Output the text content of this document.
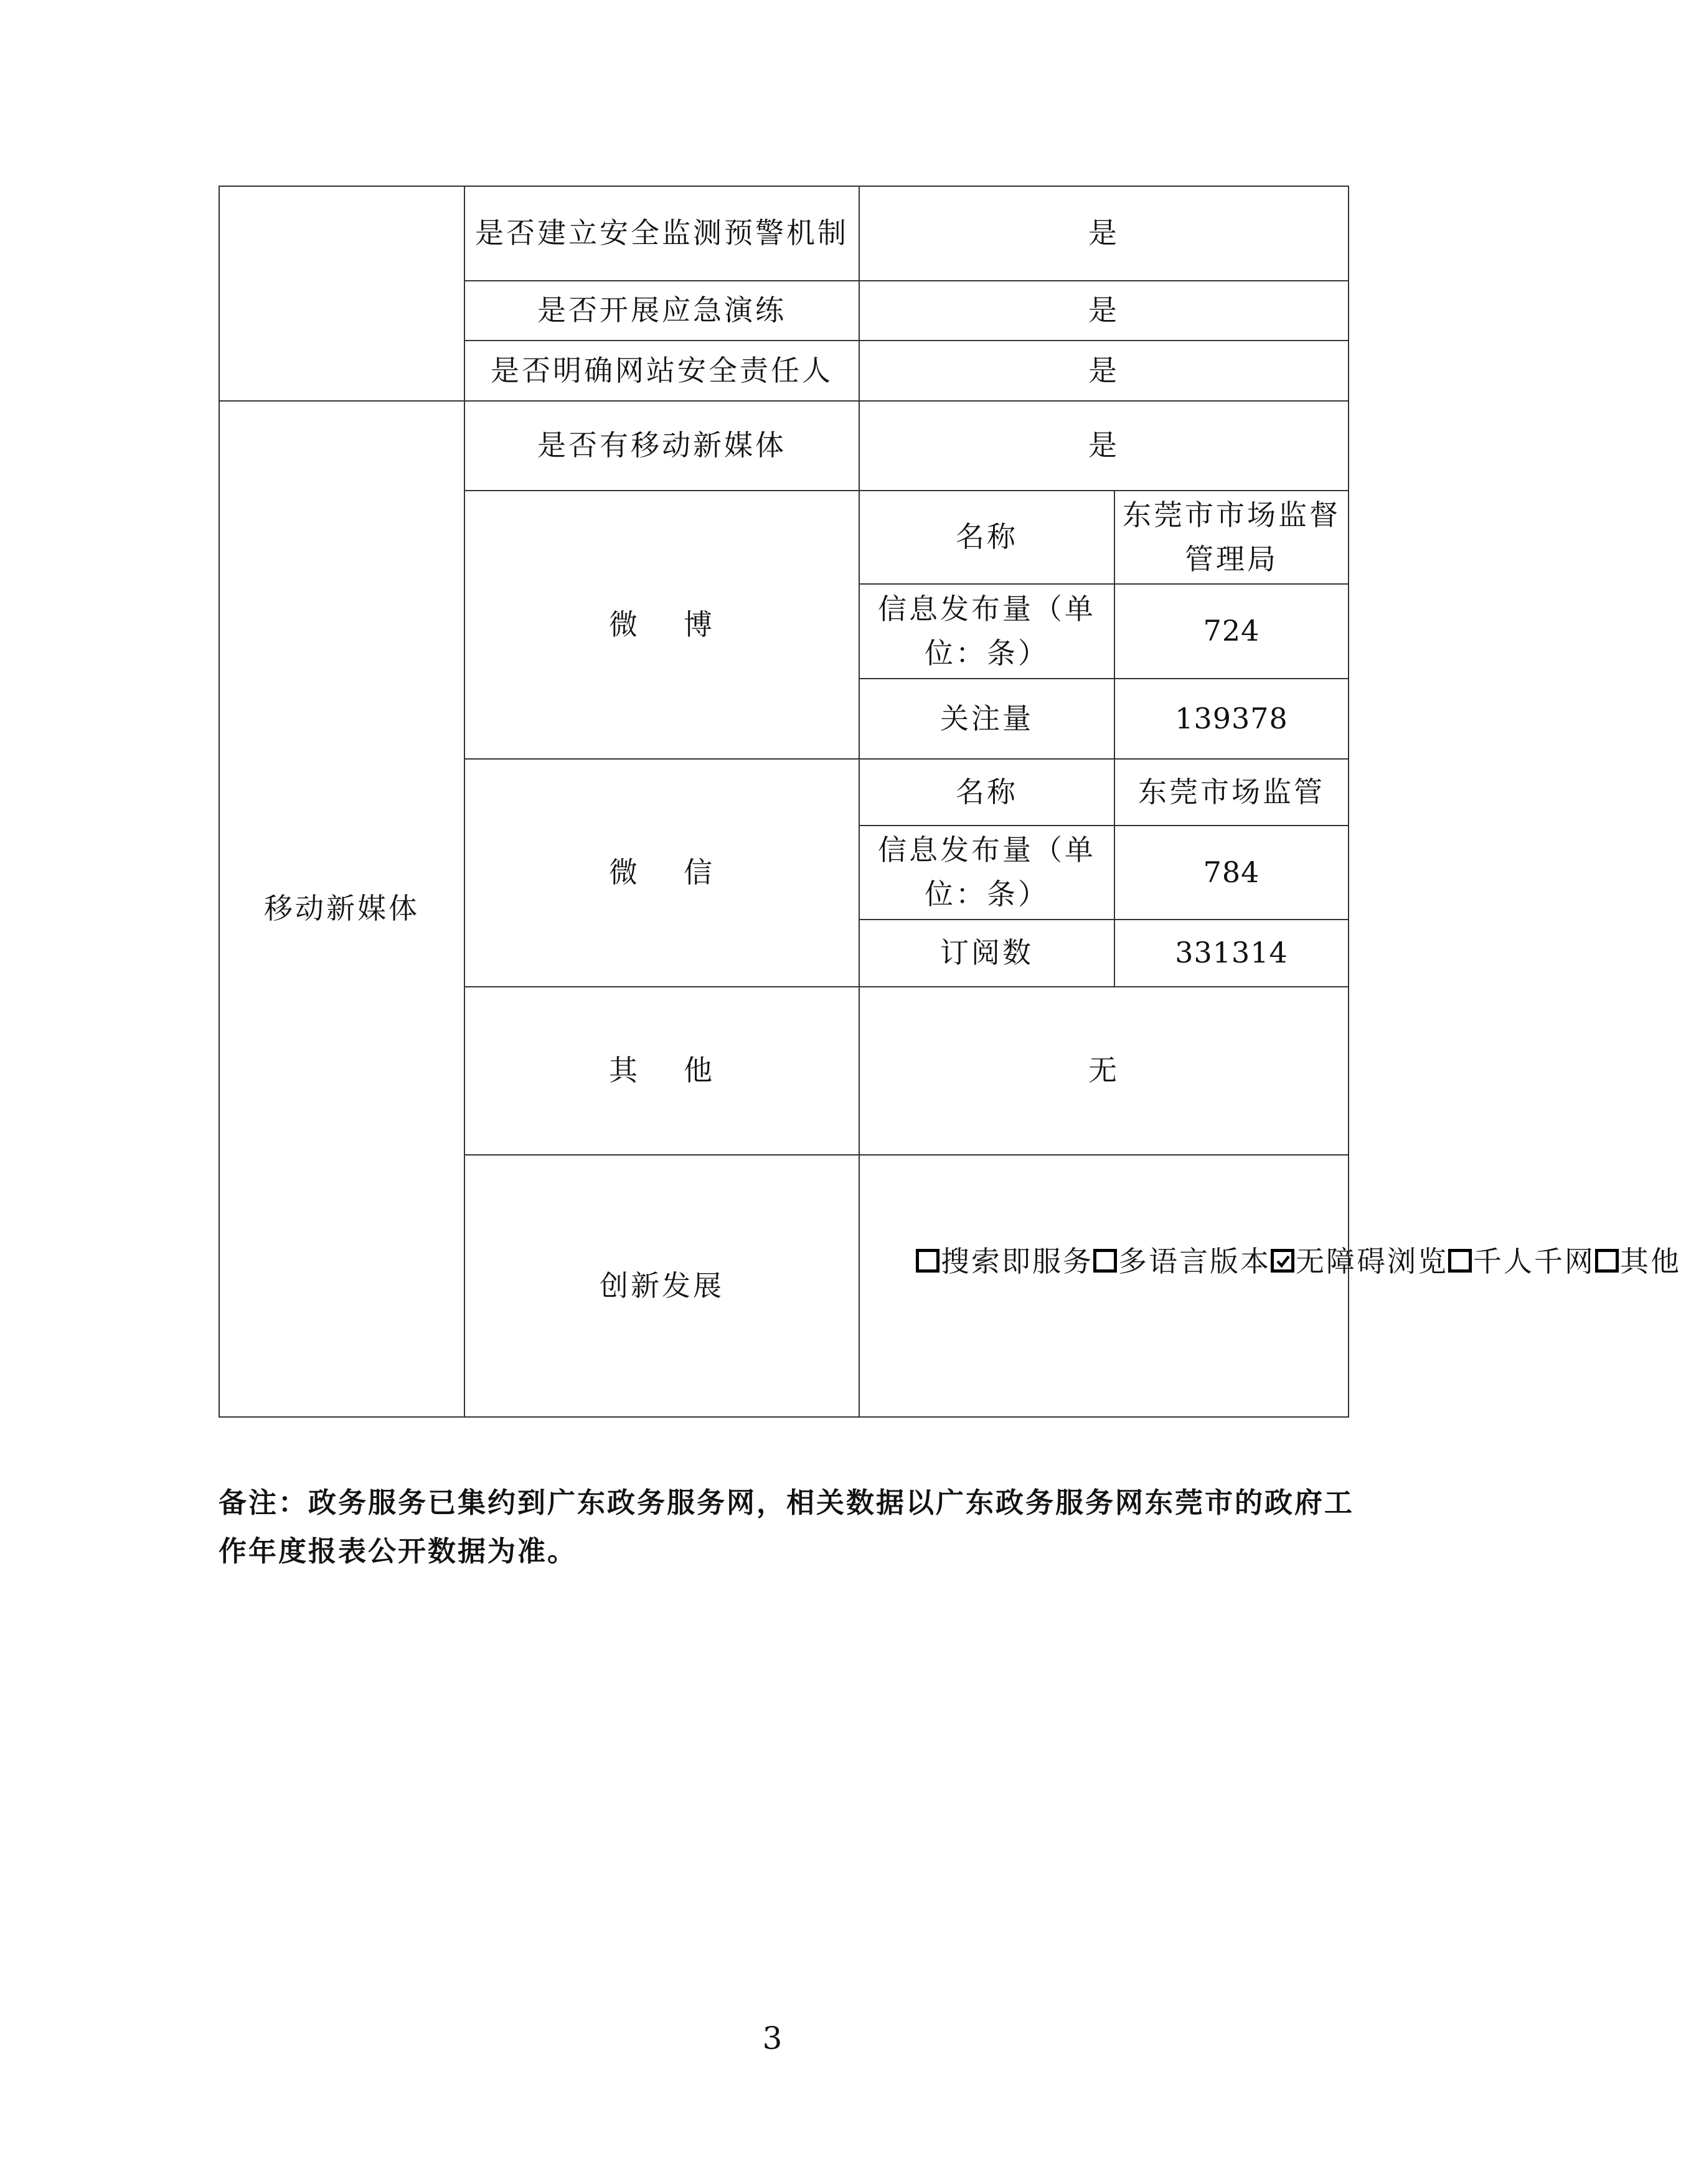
	是否建立安全监测预警机制	是	
	是否开展应急演练	是	
	是否明确网站安全责任人	是	
移动新媒体	是否有移动新媒体	是	
	微 博	名称	东莞市市场监督管理局
		信息发布量（单位：条）	724
		关注量	139378
	微 信	名称	东莞市场监管
		信息发布量（单位：条）	784
		订阅数	331314
	其 他	无	
	创新发展	搜索即服务 多语言版本 无障碍浏览 千人千网 其他	

备注：政务服务已集约到广东政务服务网，相关数据以广东政务服务网东莞市的政府工作年度报表公开数据为准。

3
